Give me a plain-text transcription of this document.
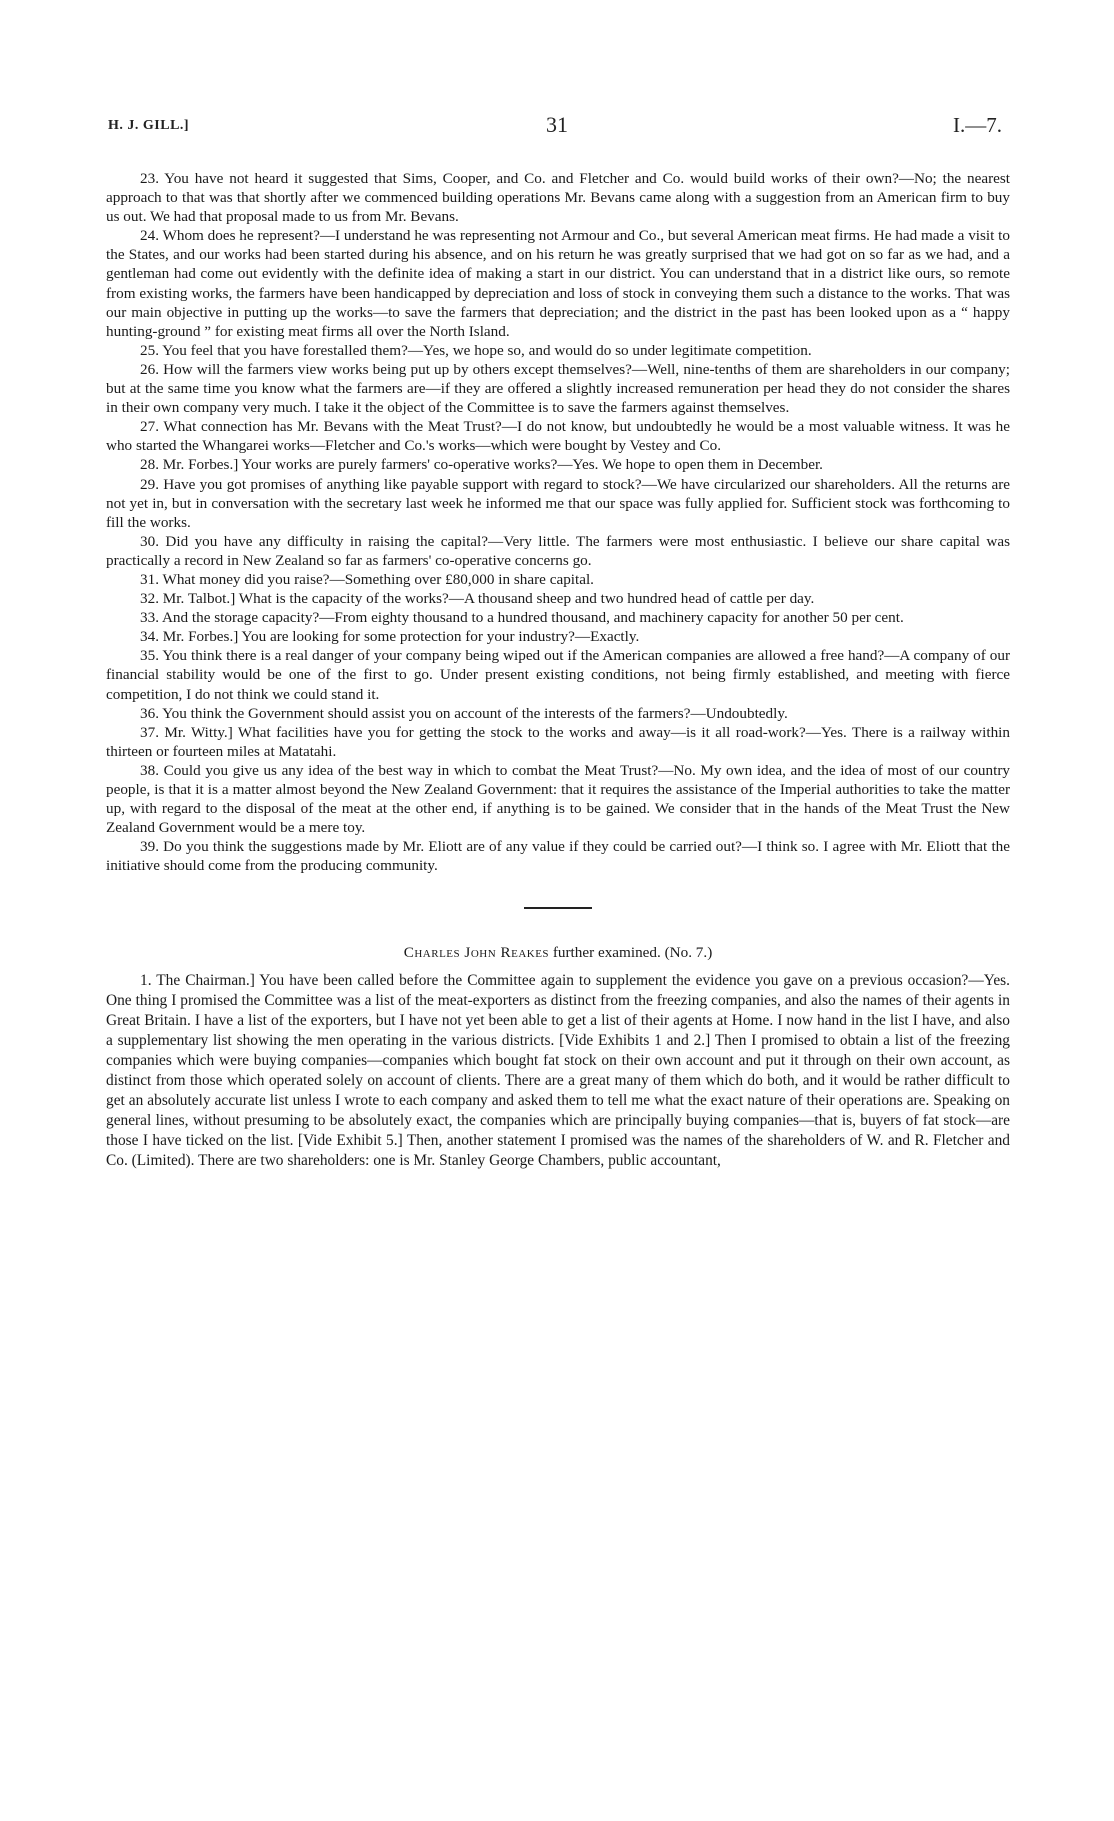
H. J. GILL.]	31	I.—7.

23. You have not heard it suggested that Sims, Cooper, and Co. and Fletcher and Co. would build works of their own?—No; the nearest approach to that was that shortly after we commenced building operations Mr. Bevans came along with a suggestion from an American firm to buy us out. We had that proposal made to us from Mr. Bevans.

24. Whom does he represent?—I understand he was representing not Armour and Co., but several American meat firms. He had made a visit to the States, and our works had been started during his absence, and on his return he was greatly surprised that we had got on so far as we had, and a gentleman had come out evidently with the definite idea of making a start in our district. You can understand that in a district like ours, so remote from existing works, the farmers have been handicapped by depreciation and loss of stock in conveying them such a distance to the works. That was our main objective in putting up the works—to save the farmers that depreciation; and the district in the past has been looked upon as a “ happy hunting-ground ” for existing meat firms all over the North Island.

25. You feel that you have forestalled them?—Yes, we hope so, and would do so under legitimate competition.

26. How will the farmers view works being put up by others except themselves?—Well, nine-tenths of them are shareholders in our company; but at the same time you know what the farmers are—if they are offered a slightly increased remuneration per head they do not consider the shares in their own company very much. I take it the object of the Committee is to save the farmers against themselves.

27. What connection has Mr. Bevans with the Meat Trust?—I do not know, but undoubtedly he would be a most valuable witness. It was he who started the Whangarei works—Fletcher and Co.'s works—which were bought by Vestey and Co.

28. Mr. Forbes.] Your works are purely farmers' co-operative works?—Yes. We hope to open them in December.

29. Have you got promises of anything like payable support with regard to stock?—We have circularized our shareholders. All the returns are not yet in, but in conversation with the secretary last week he informed me that our space was fully applied for. Sufficient stock was forthcoming to fill the works.

30. Did you have any difficulty in raising the capital?—Very little. The farmers were most enthusiastic. I believe our share capital was practically a record in New Zealand so far as farmers' co-operative concerns go.

31. What money did you raise?—Something over £80,000 in share capital.

32. Mr. Talbot.] What is the capacity of the works?—A thousand sheep and two hundred head of cattle per day.

33. And the storage capacity?—From eighty thousand to a hundred thousand, and machinery capacity for another 50 per cent.

34. Mr. Forbes.] You are looking for some protection for your industry?—Exactly.

35. You think there is a real danger of your company being wiped out if the American companies are allowed a free hand?—A company of our financial stability would be one of the first to go. Under present existing conditions, not being firmly established, and meeting with fierce competition, I do not think we could stand it.

36. You think the Government should assist you on account of the interests of the farmers?—Undoubtedly.

37. Mr. Witty.] What facilities have you for getting the stock to the works and away—is it all road-work?—Yes. There is a railway within thirteen or fourteen miles at Matatahi.

38. Could you give us any idea of the best way in which to combat the Meat Trust?—No. My own idea, and the idea of most of our country people, is that it is a matter almost beyond the New Zealand Government: that it requires the assistance of the Imperial authorities to take the matter up, with regard to the disposal of the meat at the other end, if anything is to be gained. We consider that in the hands of the Meat Trust the New Zealand Government would be a mere toy.

39. Do you think the suggestions made by Mr. Eliott are of any value if they could be carried out?—I think so. I agree with Mr. Eliott that the initiative should come from the producing community.

Charles John Reakes further examined. (No. 7.)

1. The Chairman.] You have been called before the Committee again to supplement the evidence you gave on a previous occasion?—Yes. One thing I promised the Committee was a list of the meat-exporters as distinct from the freezing companies, and also the names of their agents in Great Britain. I have a list of the exporters, but I have not yet been able to get a list of their agents at Home. I now hand in the list I have, and also a supplementary list showing the men operating in the various districts. [Vide Exhibits 1 and 2.] Then I promised to obtain a list of the freezing companies which were buying companies—companies which bought fat stock on their own account and put it through on their own account, as distinct from those which operated solely on account of clients. There are a great many of them which do both, and it would be rather difficult to get an absolutely accurate list unless I wrote to each company and asked them to tell me what the exact nature of their operations are. Speaking on general lines, without presuming to be absolutely exact, the companies which are principally buying companies—that is, buyers of fat stock—are those I have ticked on the list. [Vide Exhibit 5.] Then, another statement I promised was the names of the shareholders of W. and R. Fletcher and Co. (Limited). There are two shareholders: one is Mr. Stanley George Chambers, public accountant,
